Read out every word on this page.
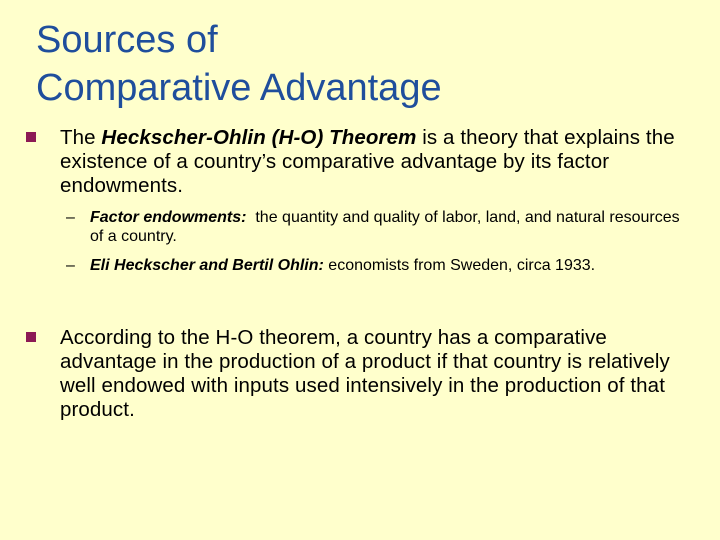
Sources of
Comparative Advantage
The Heckscher-Ohlin (H-O) Theorem is a theory that explains the existence of a country’s comparative advantage by its factor endowments.
– Factor endowments:  the quantity and quality of labor, land, and natural resources of a country.
– Eli Heckscher and Bertil Ohlin: economists from Sweden, circa 1933.
According to the H-O theorem, a country has a comparative advantage in the production of a product if that country is relatively well endowed with inputs used intensively in the production of that product.
